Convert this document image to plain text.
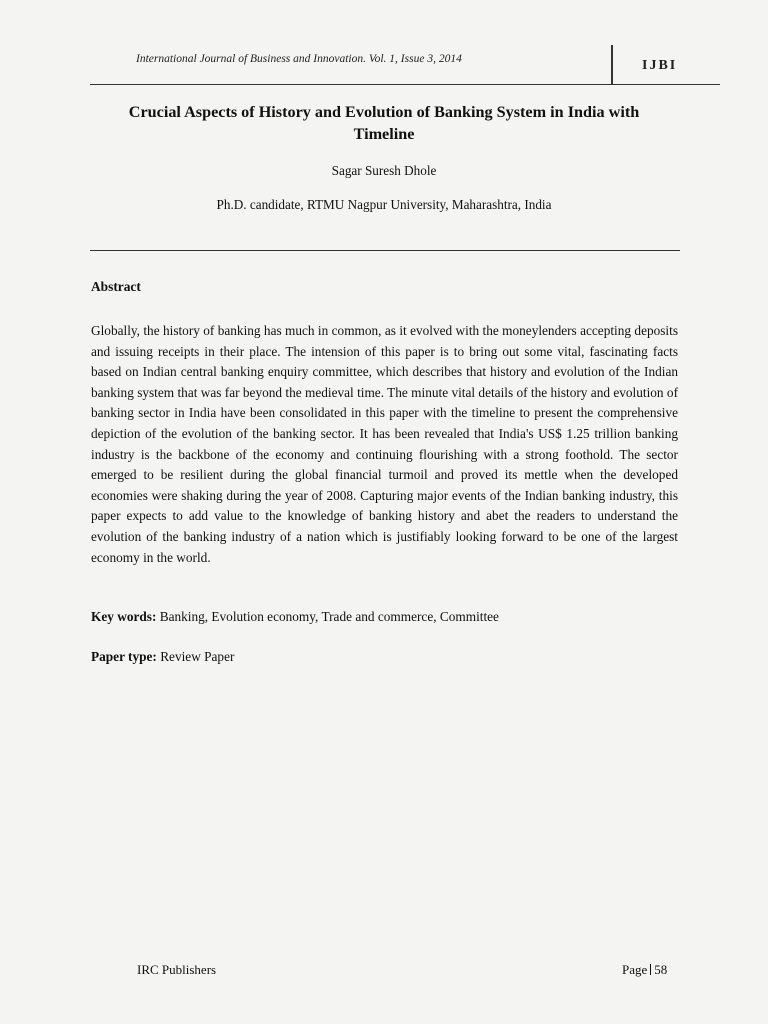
International Journal of Business and Innovation. Vol. 1, Issue 3, 2014	IJBI
Crucial Aspects of History and Evolution of Banking System in India with Timeline
Sagar Suresh Dhole
Ph.D. candidate, RTMU Nagpur University, Maharashtra, India
Abstract
Globally, the history of banking has much in common, as it evolved with the moneylenders accepting deposits and issuing receipts in their place. The intension of this paper is to bring out some vital, fascinating facts based on Indian central banking enquiry committee, which describes that history and evolution of the Indian banking system that was far beyond the medieval time. The minute vital details of the history and evolution of banking sector in India have been consolidated in this paper with the timeline to present the comprehensive depiction of the evolution of the banking sector. It has been revealed that India's US$ 1.25 trillion banking industry is the backbone of the economy and continuing flourishing with a strong foothold. The sector emerged to be resilient during the global financial turmoil and proved its mettle when the developed economies were shaking during the year of 2008. Capturing major events of the Indian banking industry, this paper expects to add value to the knowledge of banking history and abet the readers to understand the evolution of the banking industry of a nation which is justifiably looking forward to be one of the largest economy in the world.
Key words: Banking, Evolution economy, Trade and commerce, Committee
Paper type: Review Paper
IRC Publishers	Page 58
